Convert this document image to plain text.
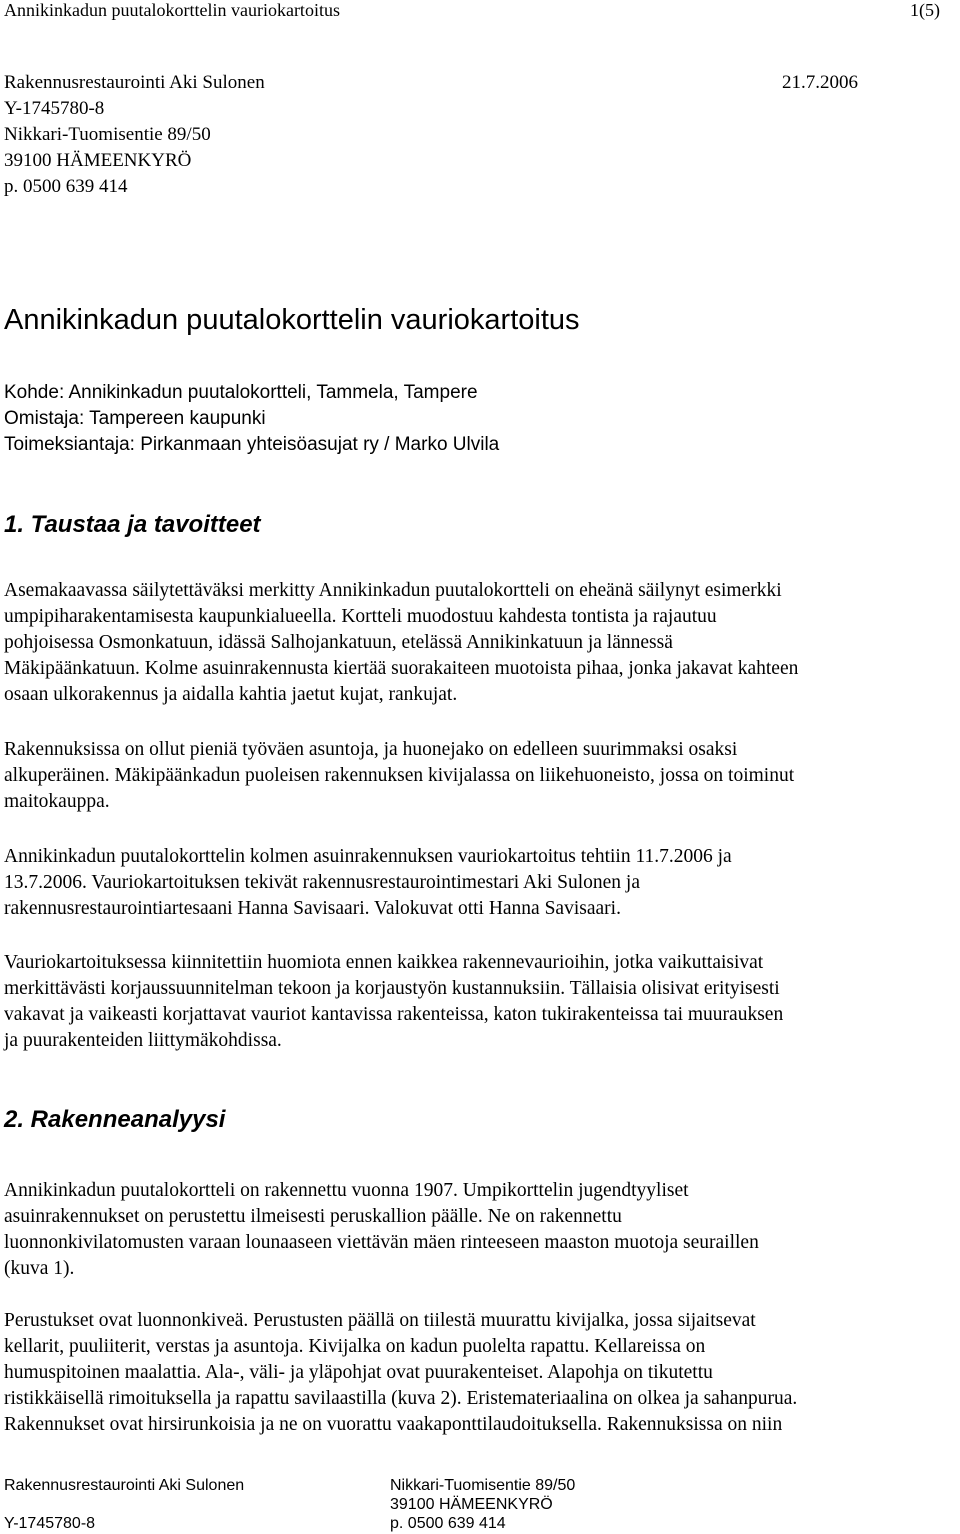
Annikinkadun puutalokorttelin vauriokartoitus	1(5)
Rakennusrestaurointi Aki Sulonen	21.7.2006
Y-1745780-8
Nikkari-Tuomisentie 89/50
39100 HÄMEENKYRÖ
p. 0500 639 414
Annikinkadun puutalokorttelin vauriokartoitus
Kohde: Annikinkadun puutalokortteli, Tammela, Tampere
Omistaja: Tampereen kaupunki
Toimeksiantaja: Pirkanmaan yhteisöasujat ry / Marko Ulvila
1. Taustaa ja tavoitteet
Asemakaavassa säilytettäväksi merkitty Annikinkadun puutalokortteli on eheänä säilynyt esimerkki
umpipiharakentamisesta kaupunkialueella. Kortteli muodostuu kahdesta tontista ja rajautuu
pohjoisessa Osmonkatuun, idässä Salhojankatuun, etelässä Annikinkatuun ja lännessä
Mäkipäänkatuun. Kolme asuinrakennusta kiertää suorakaiteen muotoista pihaa, jonka jakavat kahteen
osaan ulkorakennus ja aidalla kahtia jaetut kujat, rankujat.
Rakennuksissa on ollut pieniä työväen asuntoja, ja huonejako on edelleen suurimmaksi osaksi
alkuperäinen. Mäkipäänkadun puoleisen rakennuksen kivijalassa on liikehuoneisto, jossa on toiminut
maitokauppa.
Annikinkadun puutalokorttelin kolmen asuinrakennuksen vauriokartoitus tehtiin 11.7.2006 ja
13.7.2006. Vauriokartoituksen tekivät rakennusrestaurointimestari Aki Sulonen ja
rakennusrestaurointiartesaani Hanna Savisaari. Valokuvat otti Hanna Savisaari.
Vauriokartoituksessa kiinnitettiin huomiota ennen kaikkea rakennevaurioihin, jotka vaikuttaisivat
merkittävästi korjaussuunnitelman tekoon ja korjaustyön kustannuksiin. Tällaisia olisivat erityisesti
vakavat ja vaikeasti korjattavat vauriot kantavissa rakenteissa, katon tukirakenteissa tai muurauksen
ja puurakenteiden liittymäkohdissa.
2. Rakenneanalyysi
Annikinkadun puutalokortteli on rakennettu vuonna 1907. Umpikorttelin jugendtyyliset
asuinrakennukset on perustettu ilmeisesti peruskallion päälle. Ne on rakennettu
luonnonkivilatomusten varaan lounaaseen viettävän mäen rinteeseen maaston muotoja seuraillen
(kuva 1).
Perustukset ovat luonnonkiveä. Perustusten päällä on tiilestä muurattu kivijalka, jossa sijaitsevat
kellarit, puuliiterit, verstas ja asuntoja. Kivijalka on kadun puolelta rapattu. Kellareissa on
humuspitoinen maalattia. Ala-, väli- ja yläpohjat ovat puurakenteiset. Alapohja on tikutettu
ristikkäisellä rimoituksella ja rapattu savilaastilla (kuva 2). Eristemateriaalina on olkea ja sahanpurua.
Rakennukset ovat hirsirunkoisia ja ne on vuorattu vaakaponttilaudoituksella. Rakennuksissa on niin
Rakennusrestaurointi Aki Sulonen
Y-1745780-8
Nikkari-Tuomisentie 89/50
39100 HÄMEENKYRÖ
p. 0500 639 414
